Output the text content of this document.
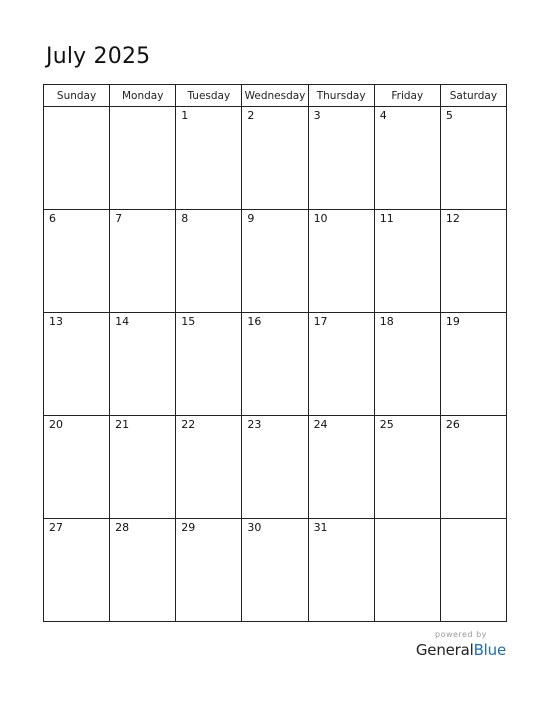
July 2025
Sunday	Monday	Tuesday	Wednesday	Thursday	Friday	Saturday

		1	2	3	4	5

6	7	8	9	10	11	12

13	14	15	16	17	18	19

20	21	22	23	24	25	26

27	28	29	30	31		

powered by
GeneralBlue
